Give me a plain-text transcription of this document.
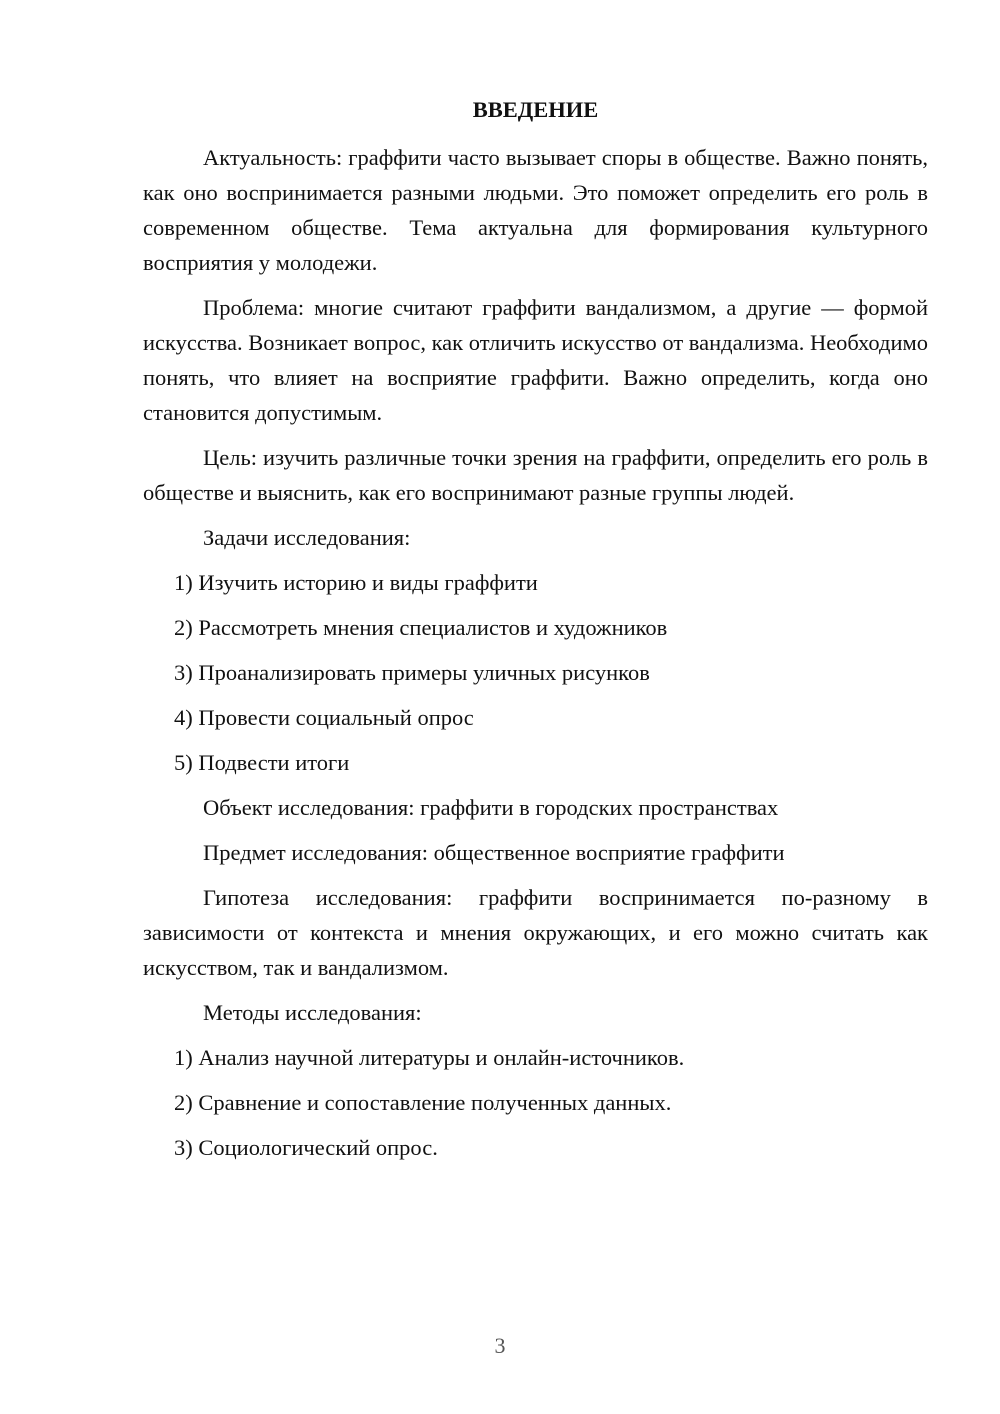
ВВЕДЕНИЕ

Актуальность: граффити часто вызывает споры в обществе. Важно понять, как оно воспринимается разными людьми. Это поможет определить его роль в современном обществе. Тема актуальна для формирования культурного восприятия у молодежи.

Проблема: многие считают граффити вандализмом, а другие — формой искусства. Возникает вопрос, как отличить искусство от вандализма. Необходимо понять, что влияет на восприятие граффити. Важно определить, когда оно становится допустимым.

Цель: изучить различные точки зрения на граффити, определить его роль в обществе и выяснить, как его воспринимают разные группы людей.

Задачи исследования:

1) Изучить историю и виды граффити

2) Рассмотреть мнения специалистов и художников

3) Проанализировать примеры уличных рисунков

4) Провести социальный опрос

5) Подвести итоги

Объект исследования: граффити в городских пространствах

Предмет исследования: общественное восприятие граффити

Гипотеза исследования: граффити воспринимается по-разному в зависимости от контекста и мнения окружающих, и его можно считать как искусством, так и вандализмом.

Методы исследования:

1) Анализ научной литературы и онлайн-источников.

2) Сравнение и сопоставление полученных данных.

3) Социологический опрос.

3
